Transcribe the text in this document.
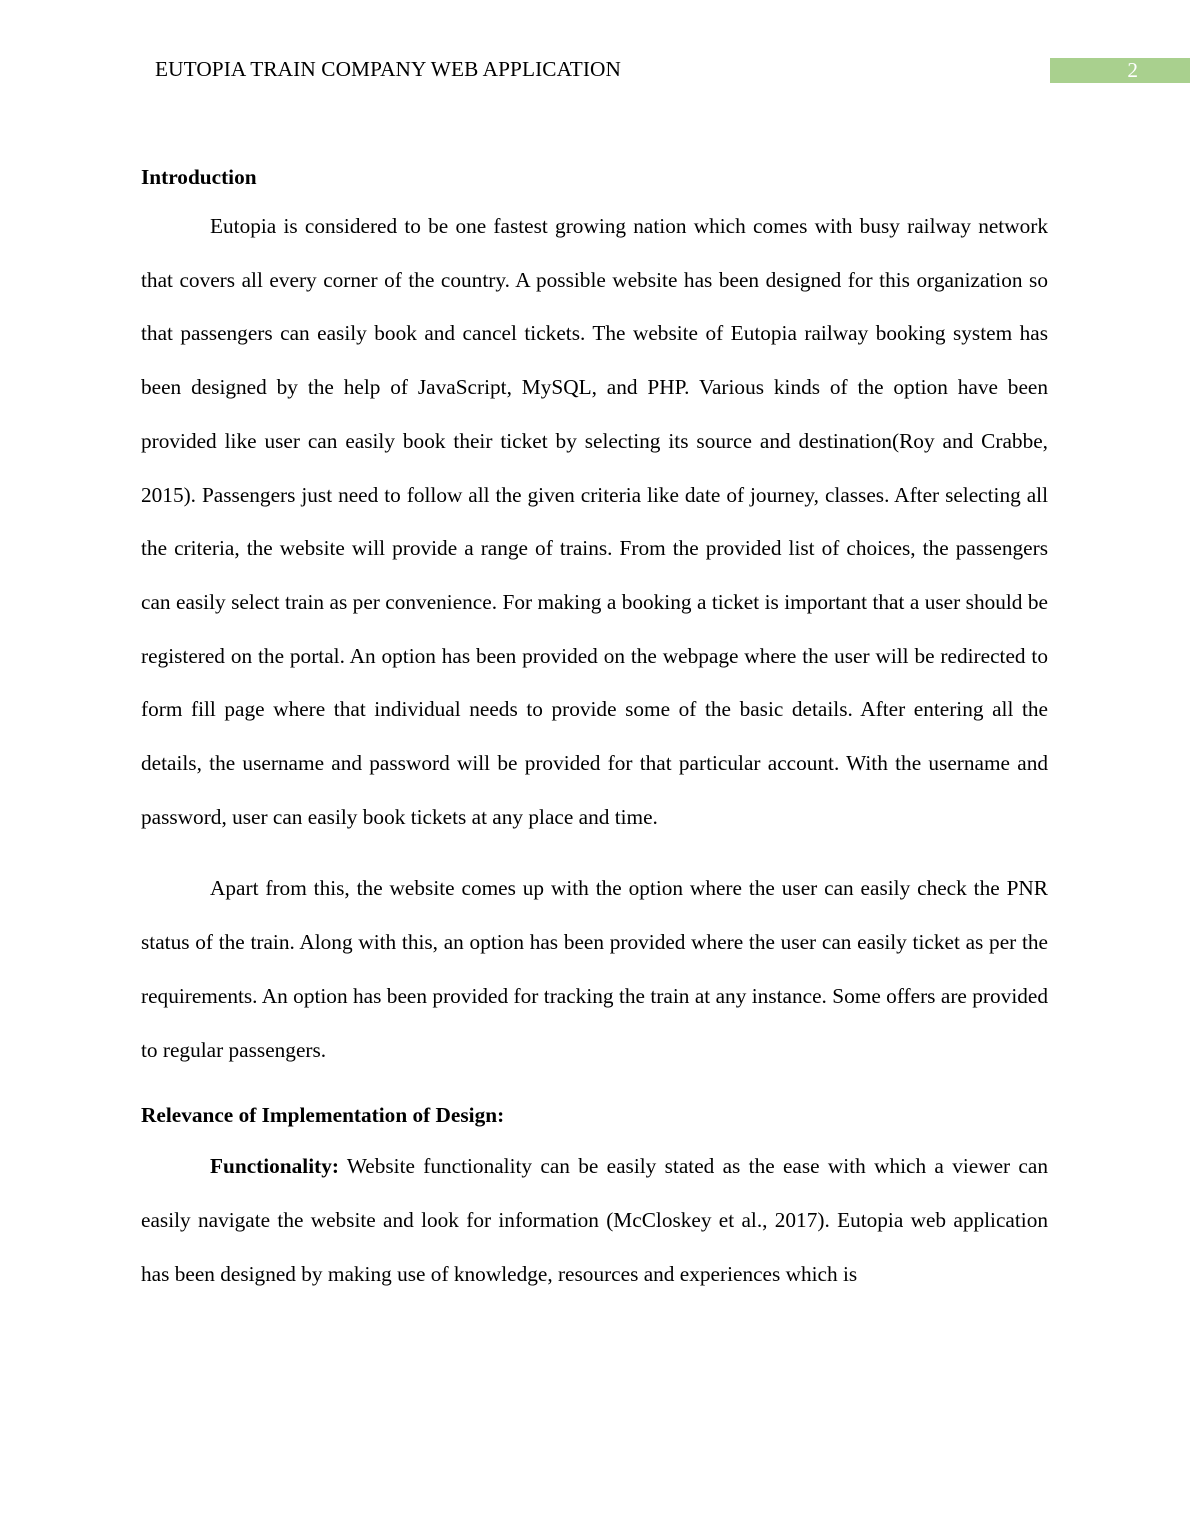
EUTOPIA TRAIN COMPANY WEB APPLICATION	2
Introduction

Eutopia is considered to be one fastest growing nation which comes with busy railway network that covers all every corner of the country. A possible website has been designed for this organization so that passengers can easily book and cancel tickets. The website of Eutopia railway booking system has been designed by the help of JavaScript, MySQL, and PHP. Various kinds of the option have been provided like user can easily book their ticket by selecting its source and destination(Roy and Crabbe, 2015). Passengers just need to follow all the given criteria like date of journey, classes. After selecting all the criteria, the website will provide a range of trains. From the provided list of choices, the passengers can easily select train as per convenience. For making a booking a ticket is important that a user should be registered on the portal. An option has been provided on the webpage where the user will be redirected to form fill page where that individual needs to provide some of the basic details. After entering all the details, the username and password will be provided for that particular account. With the username and password, user can easily book tickets at any place and time.

Apart from this, the website comes up with the option where the user can easily check the PNR status of the train. Along with this, an option has been provided where the user can easily ticket as per the requirements. An option has been provided for tracking the train at any instance. Some offers are provided to regular passengers.

Relevance of Implementation of Design:

Functionality: Website functionality can be easily stated as the ease with which a viewer can easily navigate the website and look for information (McCloskey et al., 2017). Eutopia web application has been designed by making use of knowledge, resources and experiences which is
